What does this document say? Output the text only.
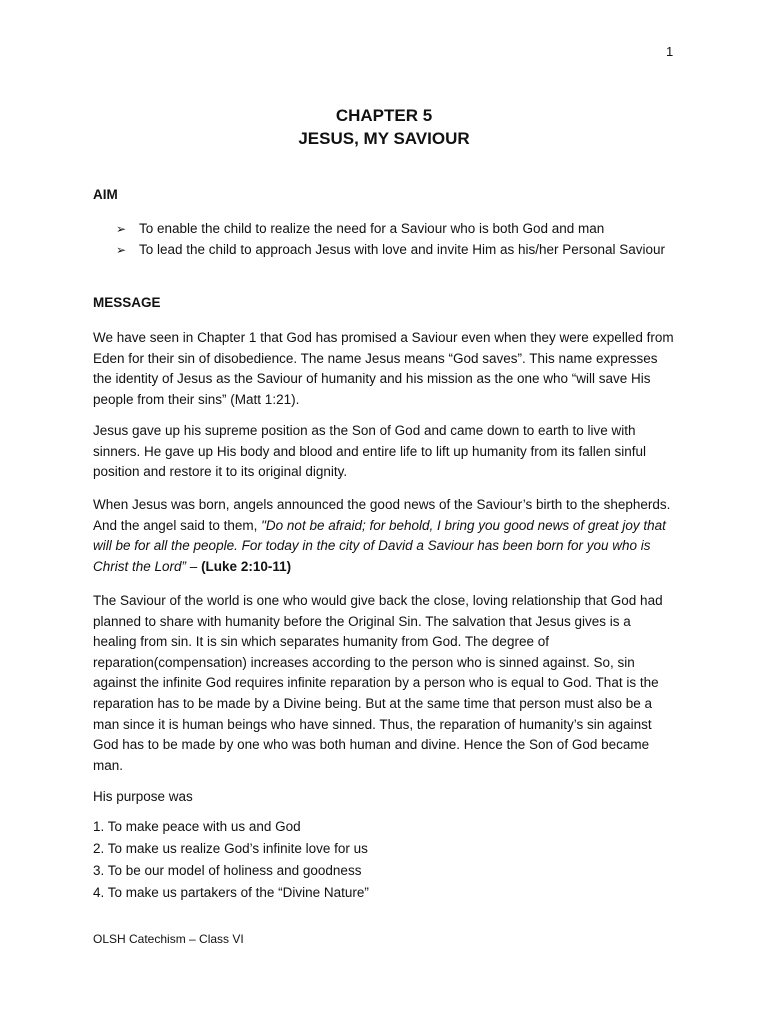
1
CHAPTER 5
JESUS, MY SAVIOUR
AIM
➢ To enable the child to realize the need for a Saviour who is both God and man
➢ To lead the child to approach Jesus with love and invite Him as his/her Personal Saviour
MESSAGE

We have seen in Chapter 1 that God has promised a Saviour even when they were expelled from Eden for their sin of disobedience. The name Jesus means “God saves”. This name expresses the identity of Jesus as the Saviour of humanity and his mission as the one who “will save His people from their sins” (Matt 1:21).

Jesus gave up his supreme position as the Son of God and came down to earth to live with sinners. He gave up His body and blood and entire life to lift up humanity from its fallen sinful position and restore it to its original dignity.

When Jesus was born, angels announced the good news of the Saviour’s birth to the shepherds. And the angel said to them, "Do not be afraid; for behold, I bring you good news of great joy that will be for all the people. For today in the city of David a Saviour has been born for you who is Christ the Lord” – (Luke 2:10-11)

The Saviour of the world is one who would give back the close, loving relationship that God had planned to share with humanity before the Original Sin. The salvation that Jesus gives is a healing from sin. It is sin which separates humanity from God. The degree of reparation(compensation) increases according to the person who is sinned against. So, sin against the infinite God requires infinite reparation by a person who is equal to God. That is the reparation has to be made by a Divine being. But at the same time that person must also be a man since it is human beings who have sinned. Thus, the reparation of humanity’s sin against God has to be made by one who was both human and divine. Hence the Son of God became man.

His purpose was

1. To make peace with us and God
2. To make us realize God’s infinite love for us
3. To be our model of holiness and goodness
4. To make us partakers of the “Divine Nature”
OLSH Catechism – Class VI
